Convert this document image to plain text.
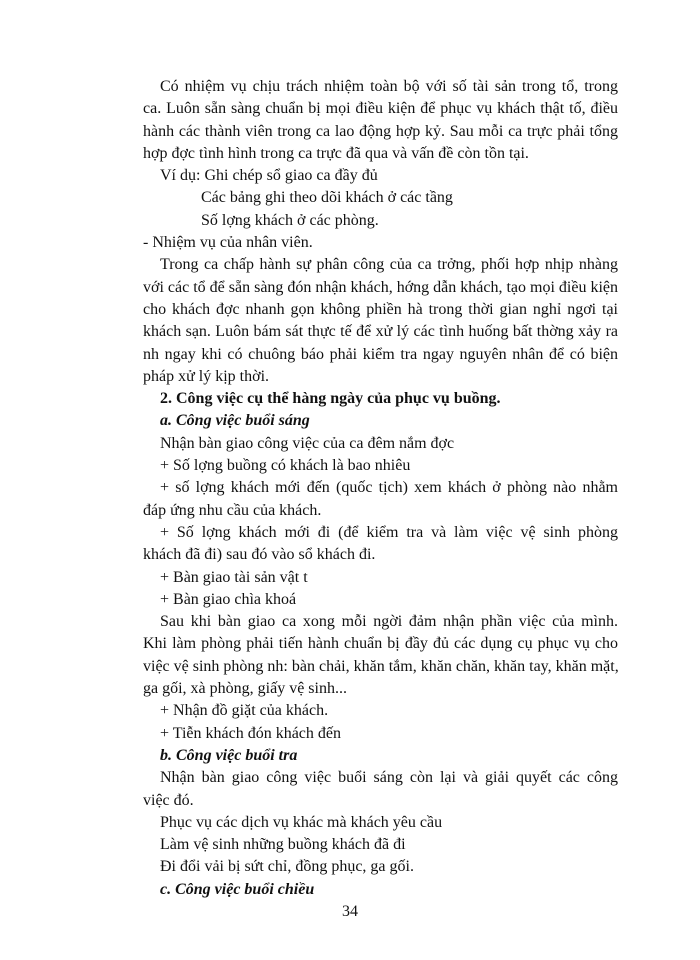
Có nhiệm vụ chịu trách nhiệm toàn bộ với số tài sản trong tổ, trong
ca. Luôn sẵn sàng chuẩn bị mọi điều kiện để phục vụ khách thật tố, điều
hành các thành viên trong ca lao động hợp kỷ. Sau mỗi ca trực phải tổng
hợp đợc tình hình trong ca trực đã qua và vấn đề còn tồn tại.
Ví dụ: Ghi chép sổ giao ca đầy đủ
Các bảng ghi theo dõi khách ở các tầng
Số lợng khách ở các phòng.
- Nhiệm vụ của nhân viên.
Trong ca chấp hành sự phân công của ca trởng, phối hợp nhịp nhàng
với các tổ để sẵn sàng đón nhận khách, hớng dẫn khách, tạo mọi điều kiện
cho khách đợc nhanh gọn không phiền hà trong thời gian nghỉ ngơi tại
khách sạn. Luôn bám sát thực tế để xử lý các tình huống bất thờng xảy ra
nh ngay khi có chuông báo phải kiểm tra ngay nguyên nhân để có biện
pháp xử lý kịp thời.
2. Công việc cụ thể hàng ngày của phục vụ buồng.
a. Công việc buổi sáng
Nhận bàn giao công việc của ca đêm nắm đợc
+ Số lợng buồng có khách là bao nhiêu
+ số lợng khách mới đến (quốc tịch) xem khách ở phòng nào nhằm
đáp ứng nhu cầu của khách.
+ Số lợng khách mới đi (để kiểm tra và làm việc vệ sinh phòng
khách đã đi) sau đó vào sổ khách đi.
+ Bàn giao tài sản vật t
+ Bàn giao chìa khoá
Sau khi bàn giao ca xong mỗi ngời đảm nhận phần việc của mình.
Khi làm phòng phải tiến hành chuẩn bị đầy đủ các dụng cụ phục vụ cho
việc vệ sinh phòng nh: bàn chải, khăn tắm, khăn chăn, khăn tay, khăn mặt,
ga gối, xà phòng, giấy vệ sinh...
+ Nhận đồ giặt của khách.
+ Tiễn khách đón khách đến
b. Công việc buổi tra
Nhận bàn giao công việc buổi sáng còn lại và giải quyết các công
việc đó.
Phục vụ các dịch vụ khác mà khách yêu cầu
Làm vệ sinh những buồng khách đã đi
Đi đổi vải bị sứt chỉ, đồng phục, ga gối.
c. Công việc buổi chiều
34
